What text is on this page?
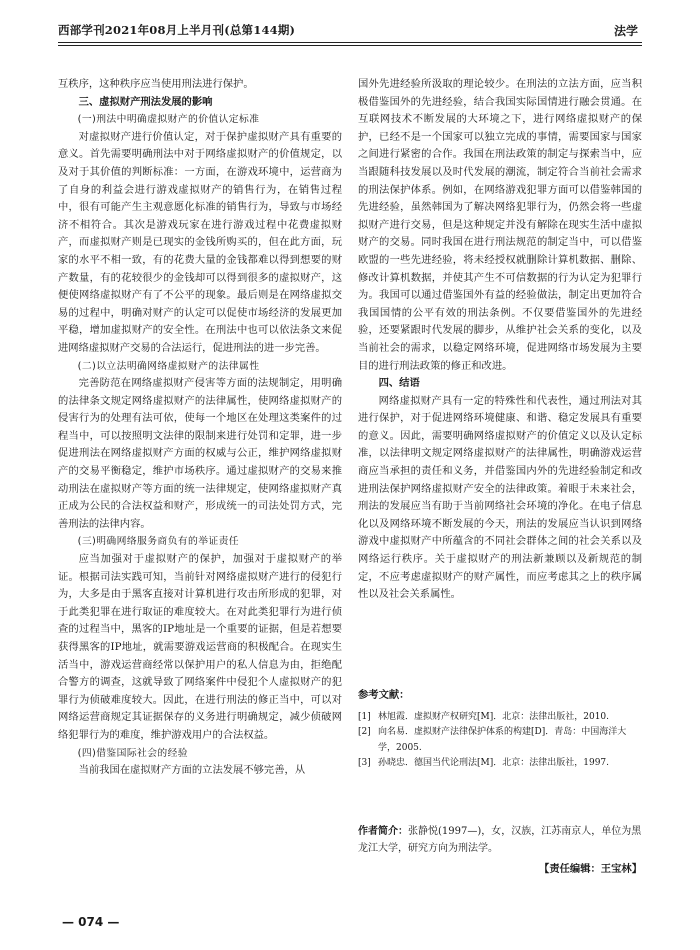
西部学刊2021年08月上半月刊(总第144期)	法学

互秩序，这种秩序应当使用刑法进行保护。

三、虚拟财产刑法发展的影响

(一)刑法中明确虚拟财产的价值认定标准

对虚拟财产进行价值认定，对于保护虚拟财产具有重要的意义。首先需要明确刑法中对于网络虚拟财产的价值规定，以及对于其价值的判断标准：一方面，在游戏环境中，运营商为了自身的利益会进行游戏虚拟财产的销售行为，在销售过程中，很有可能产生主观意愿化标准的销售行为，导致与市场经济不相符合。其次是游戏玩家在进行游戏过程中花费虚拟财产，而虚拟财产则是已现实的金钱所购买的，但在此方面，玩家的水平不相一致，有的花费大量的金钱都难以得到想要的财产数量，有的花较很少的金钱却可以得到很多的虚拟财产，这便使网络虚拟财产有了不公平的现象。最后则是在网络虚拟交易的过程中，明确对财产的认定可以促使市场经济的发展更加平稳，增加虚拟财产的安全性。在刑法中也可以依法条文来促进网络虚拟财产交易的合法运行，促进刑法的进一步完善。

(二)以立法明确网络虚拟财产的法律属性

完善防范在网络虚拟财产侵害等方面的法规制定，用明确的法律条文规定网络虚拟财产的法律属性，使网络虚拟财产的侵害行为的处理有法可依，使每一个地区在处理这类案件的过程当中，可以按照明文法律的限制来进行处罚和定罪，进一步促进刑法在网络虚拟财产方面的权威与公正，维护网络虚拟财产的交易平衡稳定，维护市场秩序。通过虚拟财产的交易来推动刑法在虚拟财产等方面的统一法律规定，使网络虚拟财产真正成为公民的合法权益和财产，形成统一的司法处罚方式，完善刑法的法律内容。

(三)明确网络服务商负有的举证责任

应当加强对于虚拟财产的保护，加强对于虚拟财产的举证。根据司法实践可知，当前针对网络虚拟财产进行的侵犯行为，大多是由于黑客直接对计算机进行攻击所形成的犯罪，对于此类犯罪在进行取证的难度较大。在对此类犯罪行为进行侦查的过程当中，黑客的IP地址是一个重要的证据，但是若想要获得黑客的IP地址，就需要游戏运营商的积极配合。在现实生活当中，游戏运营商经常以保护用户的私人信息为由，拒绝配合警方的调查，这就导致了网络案件中侵犯个人虚拟财产的犯罪行为侦破难度较大。因此，在进行刑法的修正当中，可以对网络运营商规定其证据保存的义务进行明确规定，减少侦破网络犯罪行为的难度，维护游戏用户的合法权益。

(四)借鉴国际社会的经验

当前我国在虚拟财产方面的立法发展不够完善，从

国外先进经验所汲取的理论较少。在刑法的立法方面，应当积极借鉴国外的先进经验，结合我国实际国情进行融会贯通。在互联网技术不断发展的大环境之下，进行网络虚拟财产的保护，已经不是一个国家可以独立完成的事情，需要国家与国家之间进行紧密的合作。我国在刑法政策的制定与探索当中，应当跟随科技发展以及时代发展的潮流，制定符合当前社会需求的刑法保护体系。例如，在网络游戏犯罪方面可以借鉴韩国的先进经验，虽然韩国为了解决网络犯罪行为，仍然会将一些虚拟财产进行交易，但是这种规定并没有解除在现实生活中虚拟财产的交易。同时我国在进行刑法规范的制定当中，可以借鉴欧盟的一些先进经验，将未经授权就删除计算机数据、删除、修改计算机数据，并使其产生不可信数据的行为认定为犯罪行为。我国可以通过借鉴国外有益的经验做法，制定出更加符合我国国情的公平有效的刑法条例。不仅要借鉴国外的先进经验，还要紧跟时代发展的脚步，从维护社会关系的变化，以及当前社会的需求，以稳定网络环境，促进网络市场发展为主要目的进行刑法政策的修正和改进。

四、结语

网络虚拟财产具有一定的特殊性和代表性，通过刑法对其进行保护，对于促进网络环境健康、和谐、稳定发展具有重要的意义。因此，需要明确网络虚拟财产的价值定义以及认定标准，以法律明文规定网络虚拟财产的法律属性，明确游戏运营商应当承担的责任和义务，并借鉴国内外的先进经验制定和改进刑法保护网络虚拟财产安全的法律政策。着眼于未来社会，刑法的发展应当有助于当前网络社会环境的净化。在电子信息化以及网络环境不断发展的今天，刑法的发展应当认识到网络游戏中虚拟财产中所蕴含的不同社会群体之间的社会关系以及网络运行秩序。关于虚拟财产的刑法新兼顾以及新规范的制定，不应考虑虚拟财产的财产属性，而应考虑其之上的秩序属性以及社会关系属性。

参考文献：
[1] 林旭霞．虚拟财产权研究[M]．北京：法律出版社，2010.
[2] 向名易．虚拟财产法律保护体系的构建[D]．青岛：中国海洋大学，2005.
[3] 孙晓忠．德国当代论刑法[M]．北京：法律出版社，1997.
作者简介：张静悦(1997—)，女，汉族，江苏南京人，单位为黑龙江大学，研究方向为刑法学。
【责任编辑：王宝林】
— 074 —
